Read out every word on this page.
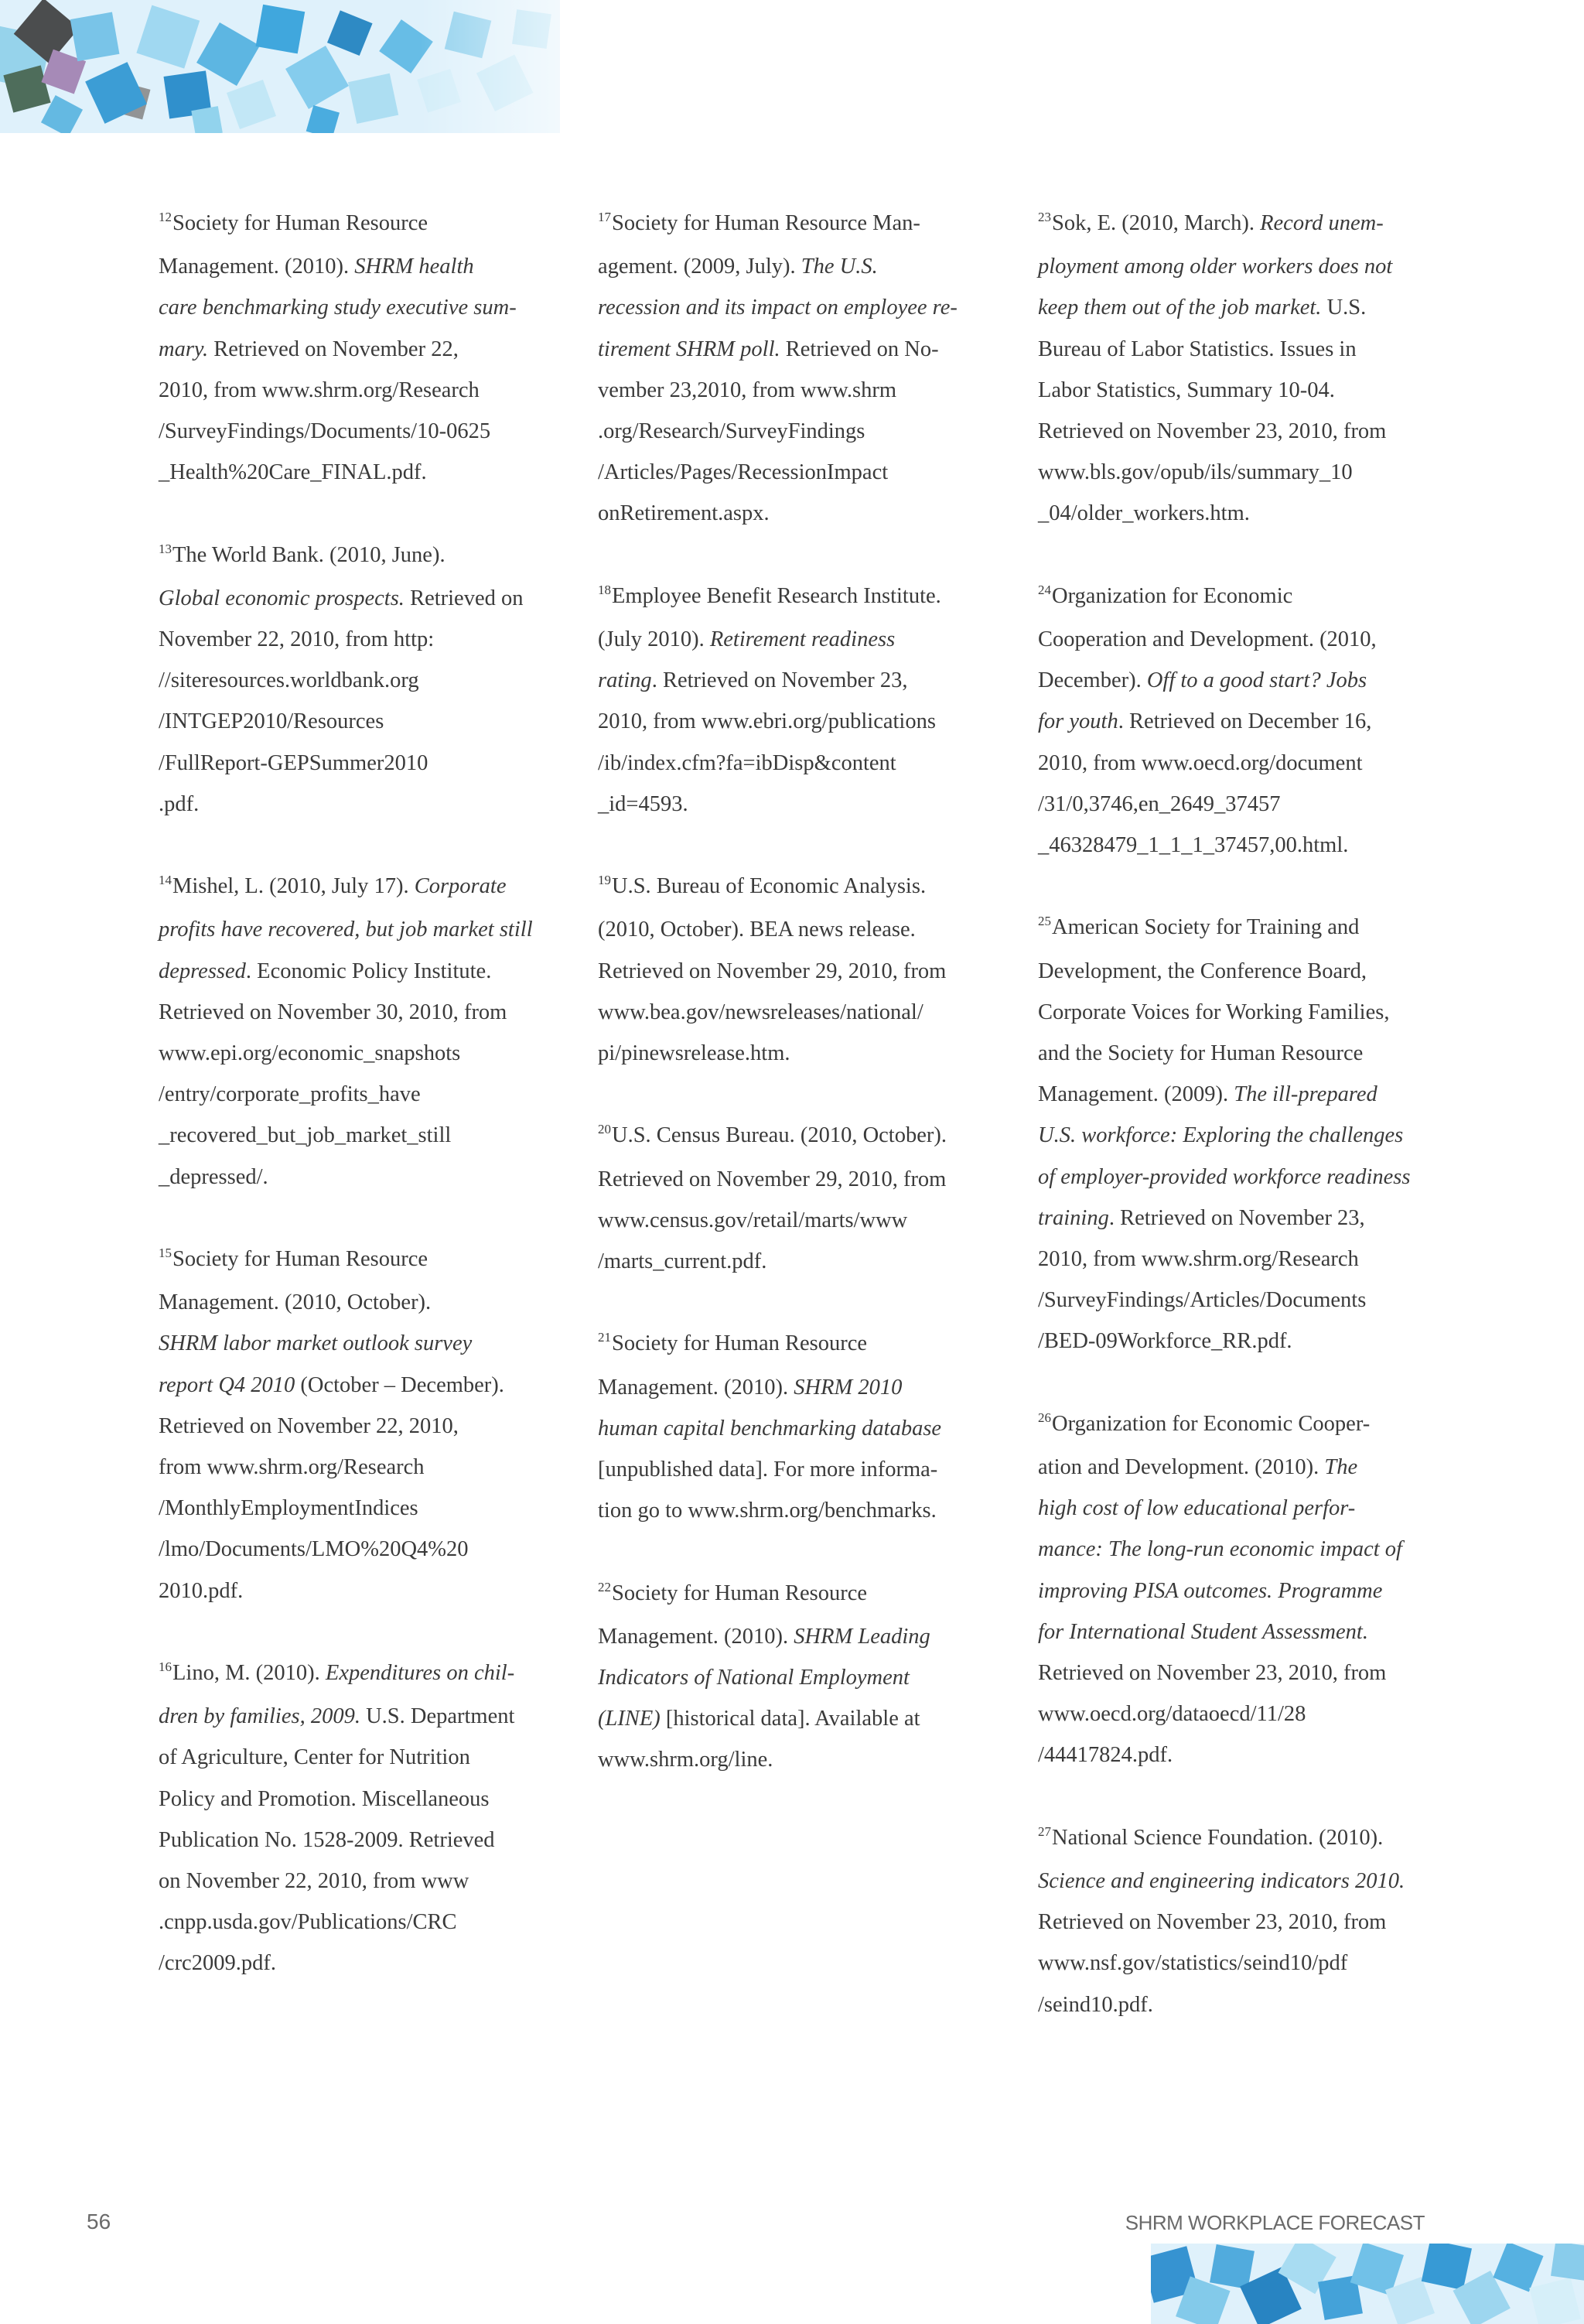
$^{12}$Society for Human Resource
Management. (2010). SHRM health
care benchmarking study executive sum-
mary. Retrieved on November 22,
2010, from www.shrm.org/Research
/SurveyFindings/Documents/10-0625
_Health%20Care_FINAL.pdf.
$^{13}$The World Bank. (2010, June).
Global economic prospects. Retrieved on
November 22, 2010, from http:
//siteresources.worldbank.org
/INTGEP2010/Resources
/FullReport-GEPSummer2010
.pdf.
$^{14}$Mishel, L. (2010, July 17). Corporate
profits have recovered, but job market still
depressed. Economic Policy Institute.
Retrieved on November 30, 2010, from
www.epi.org/economic_snapshots
/entry/corporate_profits_have
_recovered_but_job_market_still
_depressed/.
$^{15}$Society for Human Resource
Management. (2010, October).
SHRM labor market outlook survey
report Q4 2010 (October – December).
Retrieved on November 22, 2010,
from www.shrm.org/Research
/MonthlyEmploymentIndices
/lmo/Documents/LMO%20Q4%20
2010.pdf.
$^{16}$Lino, M. (2010). Expenditures on chil-
dren by families, 2009. U.S. Department
of Agriculture, Center for Nutrition
Policy and Promotion. Miscellaneous
Publication No. 1528-2009. Retrieved
on November 22, 2010, from www
.cnpp.usda.gov/Publications/CRC
/crc2009.pdf.
$^{17}$Society for Human Resource Man-
agement. (2009, July). The U.S.
recession and its impact on employee re-
tirement SHRM poll. Retrieved on No-
vember 23,2010, from www.shrm
.org/Research/SurveyFindings
/Articles/Pages/RecessionImpact
onRetirement.aspx.
$^{18}$Employee Benefit Research Institute.
(July 2010). Retirement readiness
rating. Retrieved on November 23,
2010, from www.ebri.org/publications
/ib/index.cfm?fa=ibDisp&content
_id=4593.
$^{19}$U.S. Bureau of Economic Analysis.
(2010, October). BEA news release.
Retrieved on November 29, 2010, from
www.bea.gov/newsreleases/national/
pi/pinewsrelease.htm.
$^{20}$U.S. Census Bureau. (2010, October).
Retrieved on November 29, 2010, from
www.census.gov/retail/marts/www
/marts_current.pdf.
$^{21}$Society for Human Resource
Management. (2010). SHRM 2010
human capital benchmarking database
[unpublished data]. For more informa-
tion go to www.shrm.org/benchmarks.
$^{22}$Society for Human Resource
Management. (2010). SHRM Leading
Indicators of National Employment
(LINE) [historical data]. Available at
www.shrm.org/line.
$^{23}$Sok, E. (2010, March). Record unem-
ployment among older workers does not
keep them out of the job market. U.S.
Bureau of Labor Statistics. Issues in
Labor Statistics, Summary 10-04.
Retrieved on November 23, 2010, from
www.bls.gov/opub/ils/summary_10
_04/older_workers.htm.
$^{24}$Organization for Economic
Cooperation and Development. (2010,
December). Off to a good start? Jobs
for youth. Retrieved on December 16,
2010, from www.oecd.org/document
/31/0,3746,en_2649_37457
_46328479_1_1_1_37457,00.html.
$^{25}$American Society for Training and
Development, the Conference Board,
Corporate Voices for Working Families,
and the Society for Human Resource
Management. (2009). The ill-prepared
U.S. workforce: Exploring the challenges
of employer-provided workforce readiness
training. Retrieved on November 23,
2010, from www.shrm.org/Research
/SurveyFindings/Articles/Documents
/BED-09Workforce_RR.pdf.
$^{26}$Organization for Economic Cooper-
ation and Development. (2010). The
high cost of low educational perfor-
mance: The long-run economic impact of
improving PISA outcomes. Programme
for International Student Assessment.
Retrieved on November 23, 2010, from
www.oecd.org/dataoecd/11/28
/44417824.pdf.
$^{27}$National Science Foundation. (2010).
Science and engineering indicators 2010.
Retrieved on November 23, 2010, from
www.nsf.gov/statistics/seind10/pdf
/seind10.pdf.
56	SHRM WORKPLACE FORECAST
